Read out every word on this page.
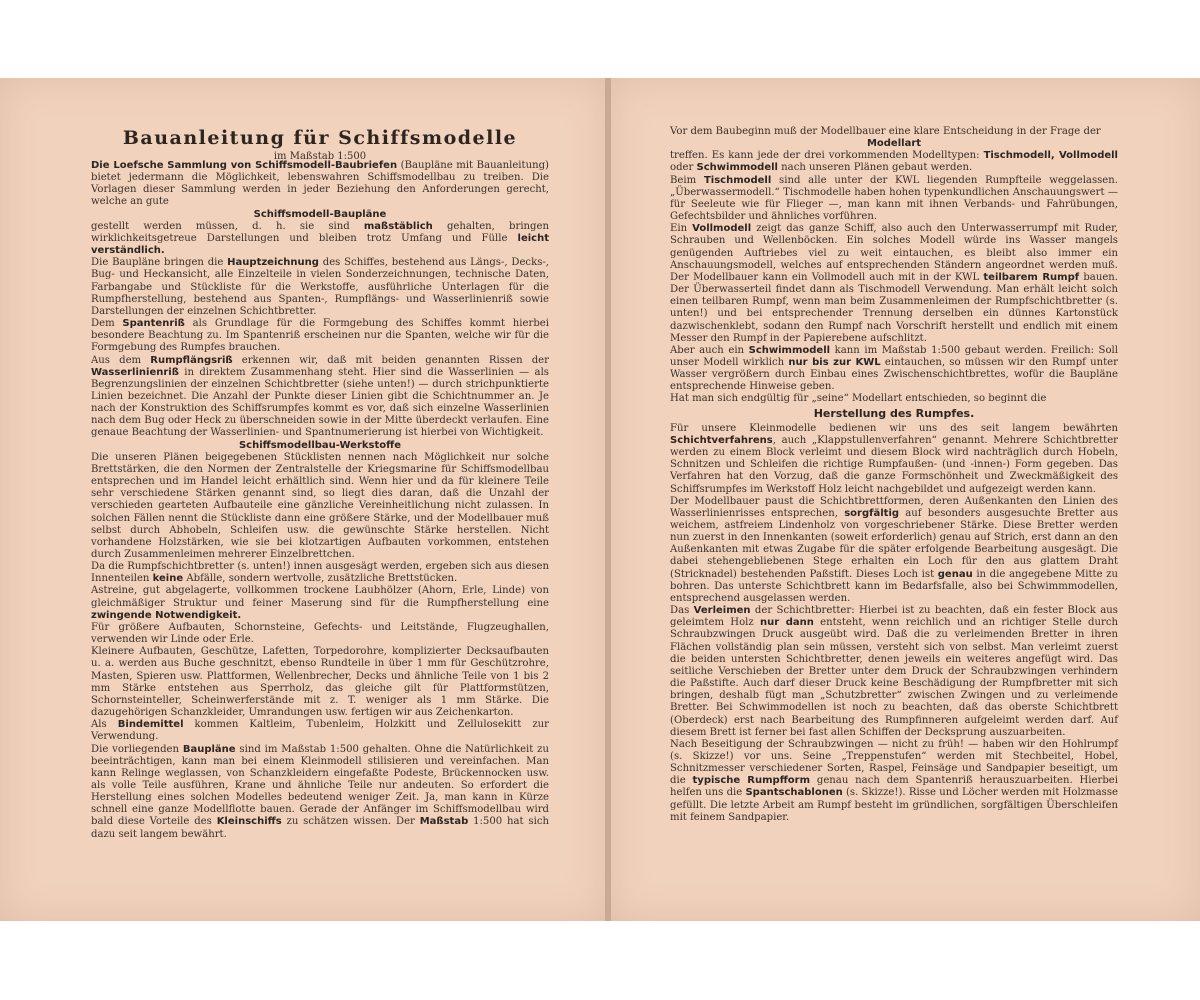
Bauanleitung für Schiffsmodelle
im Maßstab 1:500

Die Loefsche Sammlung von Schiffsmodell-Baubriefen (Baupläne mit Bauanleitung) bietet jedermann die Möglichkeit, lebenswahren Schiffsmodellbau zu treiben. Die Vorlagen dieser Sammlung werden in jeder Beziehung den Anforderungen gerecht, welche an gute

Schiffsmodell-Baupläne

gestellt werden müssen, d. h. sie sind maßstäblich gehalten, bringen wirklichkeitsgetreue Darstellungen und bleiben trotz Umfang und Fülle leicht verständlich.

Die Baupläne bringen die Hauptzeichnung des Schiffes, bestehend aus Längs-, Decks-, Bug- und Heckansicht, alle Einzelteile in vielen Sonderzeichnungen, technische Daten, Farbangabe und Stückliste für die Werkstoffe, ausführliche Unterlagen für die Rumpfherstellung, bestehend aus Spanten-, Rumpflängs- und Wasserlinienriß sowie Darstellungen der einzelnen Schichtbretter.

Dem Spantenriß als Grundlage für die Formgebung des Schiffes kommt hierbei besondere Beachtung zu. Im Spantenriß erscheinen nur die Spanten, welche wir für die Formgebung des Rumpfes brauchen.

Aus dem Rumpflängsriß erkennen wir, daß mit beiden genannten Rissen der Wasserlinienriß in direktem Zusammenhang steht. Hier sind die Wasserlinien — als Begrenzungslinien der einzelnen Schichtbretter (siehe unten!) — durch strichpunktierte Linien bezeichnet. Die Anzahl der Punkte dieser Linien gibt die Schichtnummer an. Je nach der Konstruktion des Schiffsrumpfes kommt es vor, daß sich einzelne Wasserlinien nach dem Bug oder Heck zu überschneiden sowie in der Mitte überdeckt verlaufen. Eine genaue Beachtung der Wasserlinien- und Spantnumerierung ist hierbei von Wichtigkeit.

Schiffsmodellbau-Werkstoffe

Die unseren Plänen beigegebenen Stücklisten nennen nach Möglichkeit nur solche Brettstärken, die den Normen der Zentralstelle der Kriegsmarine für Schiffsmodellbau entsprechen und im Handel leicht erhältlich sind. Wenn hier und da für kleinere Teile sehr verschiedene Stärken genannt sind, so liegt dies daran, daß die Unzahl der verschieden gearteten Aufbauteile eine gänzliche Vereinheitlichung nicht zulassen. In solchen Fällen nennt die Stückliste dann eine größere Stärke, und der Modellbauer muß selbst durch Abhobeln, Schleifen usw. die gewünschte Stärke herstellen. Nicht vorhandene Holzstärken, wie sie bei klotzartigen Aufbauten vorkommen, entstehen durch Zusammenleimen mehrerer Einzelbrettchen.

Da die Rumpfschichtbretter (s. unten!) innen ausgesägt werden, ergeben sich aus diesen Innenteilen keine Abfälle, sondern wertvolle, zusätzliche Brettstücken.

Astreine, gut abgelagerte, vollkommen trockene Laubhölzer (Ahorn, Erle, Linde) von gleichmäßiger Struktur und feiner Maserung sind für die Rumpfherstellung eine zwingende Notwendigkeit.

Für größere Aufbauten, Schornsteine, Gefechts- und Leitstände, Flugzeughallen, verwenden wir Linde oder Erle.

Kleinere Aufbauten, Geschütze, Lafetten, Torpedorohre, komplizierter Decksaufbauten u. a. werden aus Buche geschnitzt, ebenso Rundteile in über 1 mm für Geschützrohre, Masten, Spieren usw. Plattformen, Wellenbrecher, Decks und ähnliche Teile von 1 bis 2 mm Stärke entstehen aus Sperrholz, das gleiche gilt für Plattformstützen, Schornsteinteller, Scheinwerferstände mit z. T. weniger als 1 mm Stärke. Die dazugehörigen Schanzkleider, Umrandungen usw. fertigen wir aus Zeichenkarton.

Als Bindemittel kommen Kaltleim, Tubenleim, Holzkitt und Zellulosekitt zur Verwendung.

Die vorliegenden Baupläne sind im Maßstab 1:500 gehalten. Ohne die Natürlichkeit zu beeinträchtigen, kann man bei einem Kleinmodell stilisieren und vereinfachen. Man kann Relinge weglassen, von Schanzkleidern eingefaßte Podeste, Brückennocken usw. als volle Teile ausführen, Krane und ähnliche Teile nur andeuten. So erfordert die Herstellung eines solchen Modelles bedeutend weniger Zeit. Ja, man kann in Kürze schnell eine ganze Modellflotte bauen. Gerade der Anfänger im Schiffsmodellbau wird bald diese Vorteile des Kleinschiffs zu schätzen wissen. Der Maßstab 1:500 hat sich dazu seit langem bewährt.

Vor dem Baubeginn muß der Modellbauer eine klare Entscheidung in der Frage der

Modellart

treffen. Es kann jede der drei vorkommenden Modelltypen: Tischmodell, Vollmodell oder Schwimmodell nach unseren Plänen gebaut werden.

Beim Tischmodell sind alle unter der KWL liegenden Rumpfteile weggelassen. „Überwassermodell.“ Tischmodelle haben hohen typenkundlichen Anschauungswert — für Seeleute wie für Flieger —, man kann mit ihnen Verbands- und Fahrübungen, Gefechtsbilder und ähnliches vorführen.

Ein Vollmodell zeigt das ganze Schiff, also auch den Unterwasserrumpf mit Ruder, Schrauben und Wellenböcken. Ein solches Modell würde ins Wasser mangels genügenden Auftriebes viel zu weit eintauchen, es bleibt also immer ein Anschauungsmodell, welches auf entsprechenden Ständern angeordnet werden muß. Der Modellbauer kann ein Vollmodell auch mit in der KWL teilbarem Rumpf bauen. Der Überwasserteil findet dann als Tischmodell Verwendung. Man erhält leicht solch einen teilbaren Rumpf, wenn man beim Zusammenleimen der Rumpfschichtbretter (s. unten!) und bei entsprechender Trennung derselben ein dünnes Kartonstück dazwischenklebt, sodann den Rumpf nach Vorschrift herstellt und endlich mit einem Messer den Rumpf in der Papierebene aufschlitzt.

Aber auch ein Schwimmodell kann im Maßstab 1:500 gebaut werden. Freilich: Soll unser Modell wirklich nur bis zur KWL eintauchen, so müssen wir den Rumpf unter Wasser vergrößern durch Einbau eines Zwischenschichtbrettes, wofür die Baupläne entsprechende Hinweise geben.

Hat man sich endgültig für „seine“ Modellart entschieden, so beginnt die

Herstellung des Rumpfes.

Für unsere Kleinmodelle bedienen wir uns des seit langem bewährten Schichtverfahrens, auch „Klappstullenverfahren“ genannt. Mehrere Schichtbretter werden zu einem Block verleimt und diesem Block wird nachträglich durch Hobeln, Schnitzen und Schleifen die richtige Rumpfaußen- (und -innen-) Form gegeben. Das Verfahren hat den Vorzug, daß die ganze Formschönheit und Zweckmäßigkeit des Schiffsrumpfes im Werkstoff Holz leicht nachgebildet und aufgezeigt werden kann.

Der Modellbauer paust die Schichtbrettformen, deren Außenkanten den Linien des Wasserlinienrisses entsprechen, sorgfältig auf besonders ausgesuchte Bretter aus weichem, astfreiem Lindenholz von vorgeschriebener Stärke. Diese Bretter werden nun zuerst in den Innenkanten (soweit erforderlich) genau auf Strich, erst dann an den Außenkanten mit etwas Zugabe für die später erfolgende Bearbeitung ausgesägt. Die dabei stehengebliebenen Stege erhalten ein Loch für den aus glattem Draht (Stricknadel) bestehenden Paßstift. Dieses Loch ist genau in die angegebene Mitte zu bohren. Das unterste Schichtbrett kann im Bedarfsfalle, also bei Schwimmmodellen, entsprechend ausgelassen werden.

Das Verleimen der Schichtbretter: Hierbei ist zu beachten, daß ein fester Block aus geleimtem Holz nur dann entsteht, wenn reichlich und an richtiger Stelle durch Schraubzwingen Druck ausgeübt wird. Daß die zu verleimenden Bretter in ihren Flächen vollständig plan sein müssen, versteht sich von selbst. Man verleimt zuerst die beiden untersten Schichtbretter, denen jeweils ein weiteres angefügt wird. Das seitliche Verschieben der Bretter unter dem Druck der Schraubzwingen verhindern die Paßstifte. Auch darf dieser Druck keine Beschädigung der Rumpfbretter mit sich bringen, deshalb fügt man „Schutzbretter“ zwischen Zwingen und zu verleimende Bretter. Bei Schwimmodellen ist noch zu beachten, daß das oberste Schichtbrett (Oberdeck) erst nach Bearbeitung des Rumpfinneren aufgeleimt werden darf. Auf diesem Brett ist ferner bei fast allen Schiffen der Decksprung auszuarbeiten.

Nach Beseitigung der Schraubzwingen — nicht zu früh! — haben wir den Hohlrumpf (s. Skizze!) vor uns. Seine „Treppenstufen“ werden mit Stechbeitel, Hobel, Schnitzmesser verschiedener Sorten, Raspel, Feinsäge und Sandpapier beseitigt, um die typische Rumpfform genau nach dem Spantenriß herauszuarbeiten. Hierbei helfen uns die Spantschablonen (s. Skizze!). Risse und Löcher werden mit Holzmasse gefüllt. Die letzte Arbeit am Rumpf besteht im gründlichen, sorgfältigen Überschleifen mit feinem Sandpapier.
